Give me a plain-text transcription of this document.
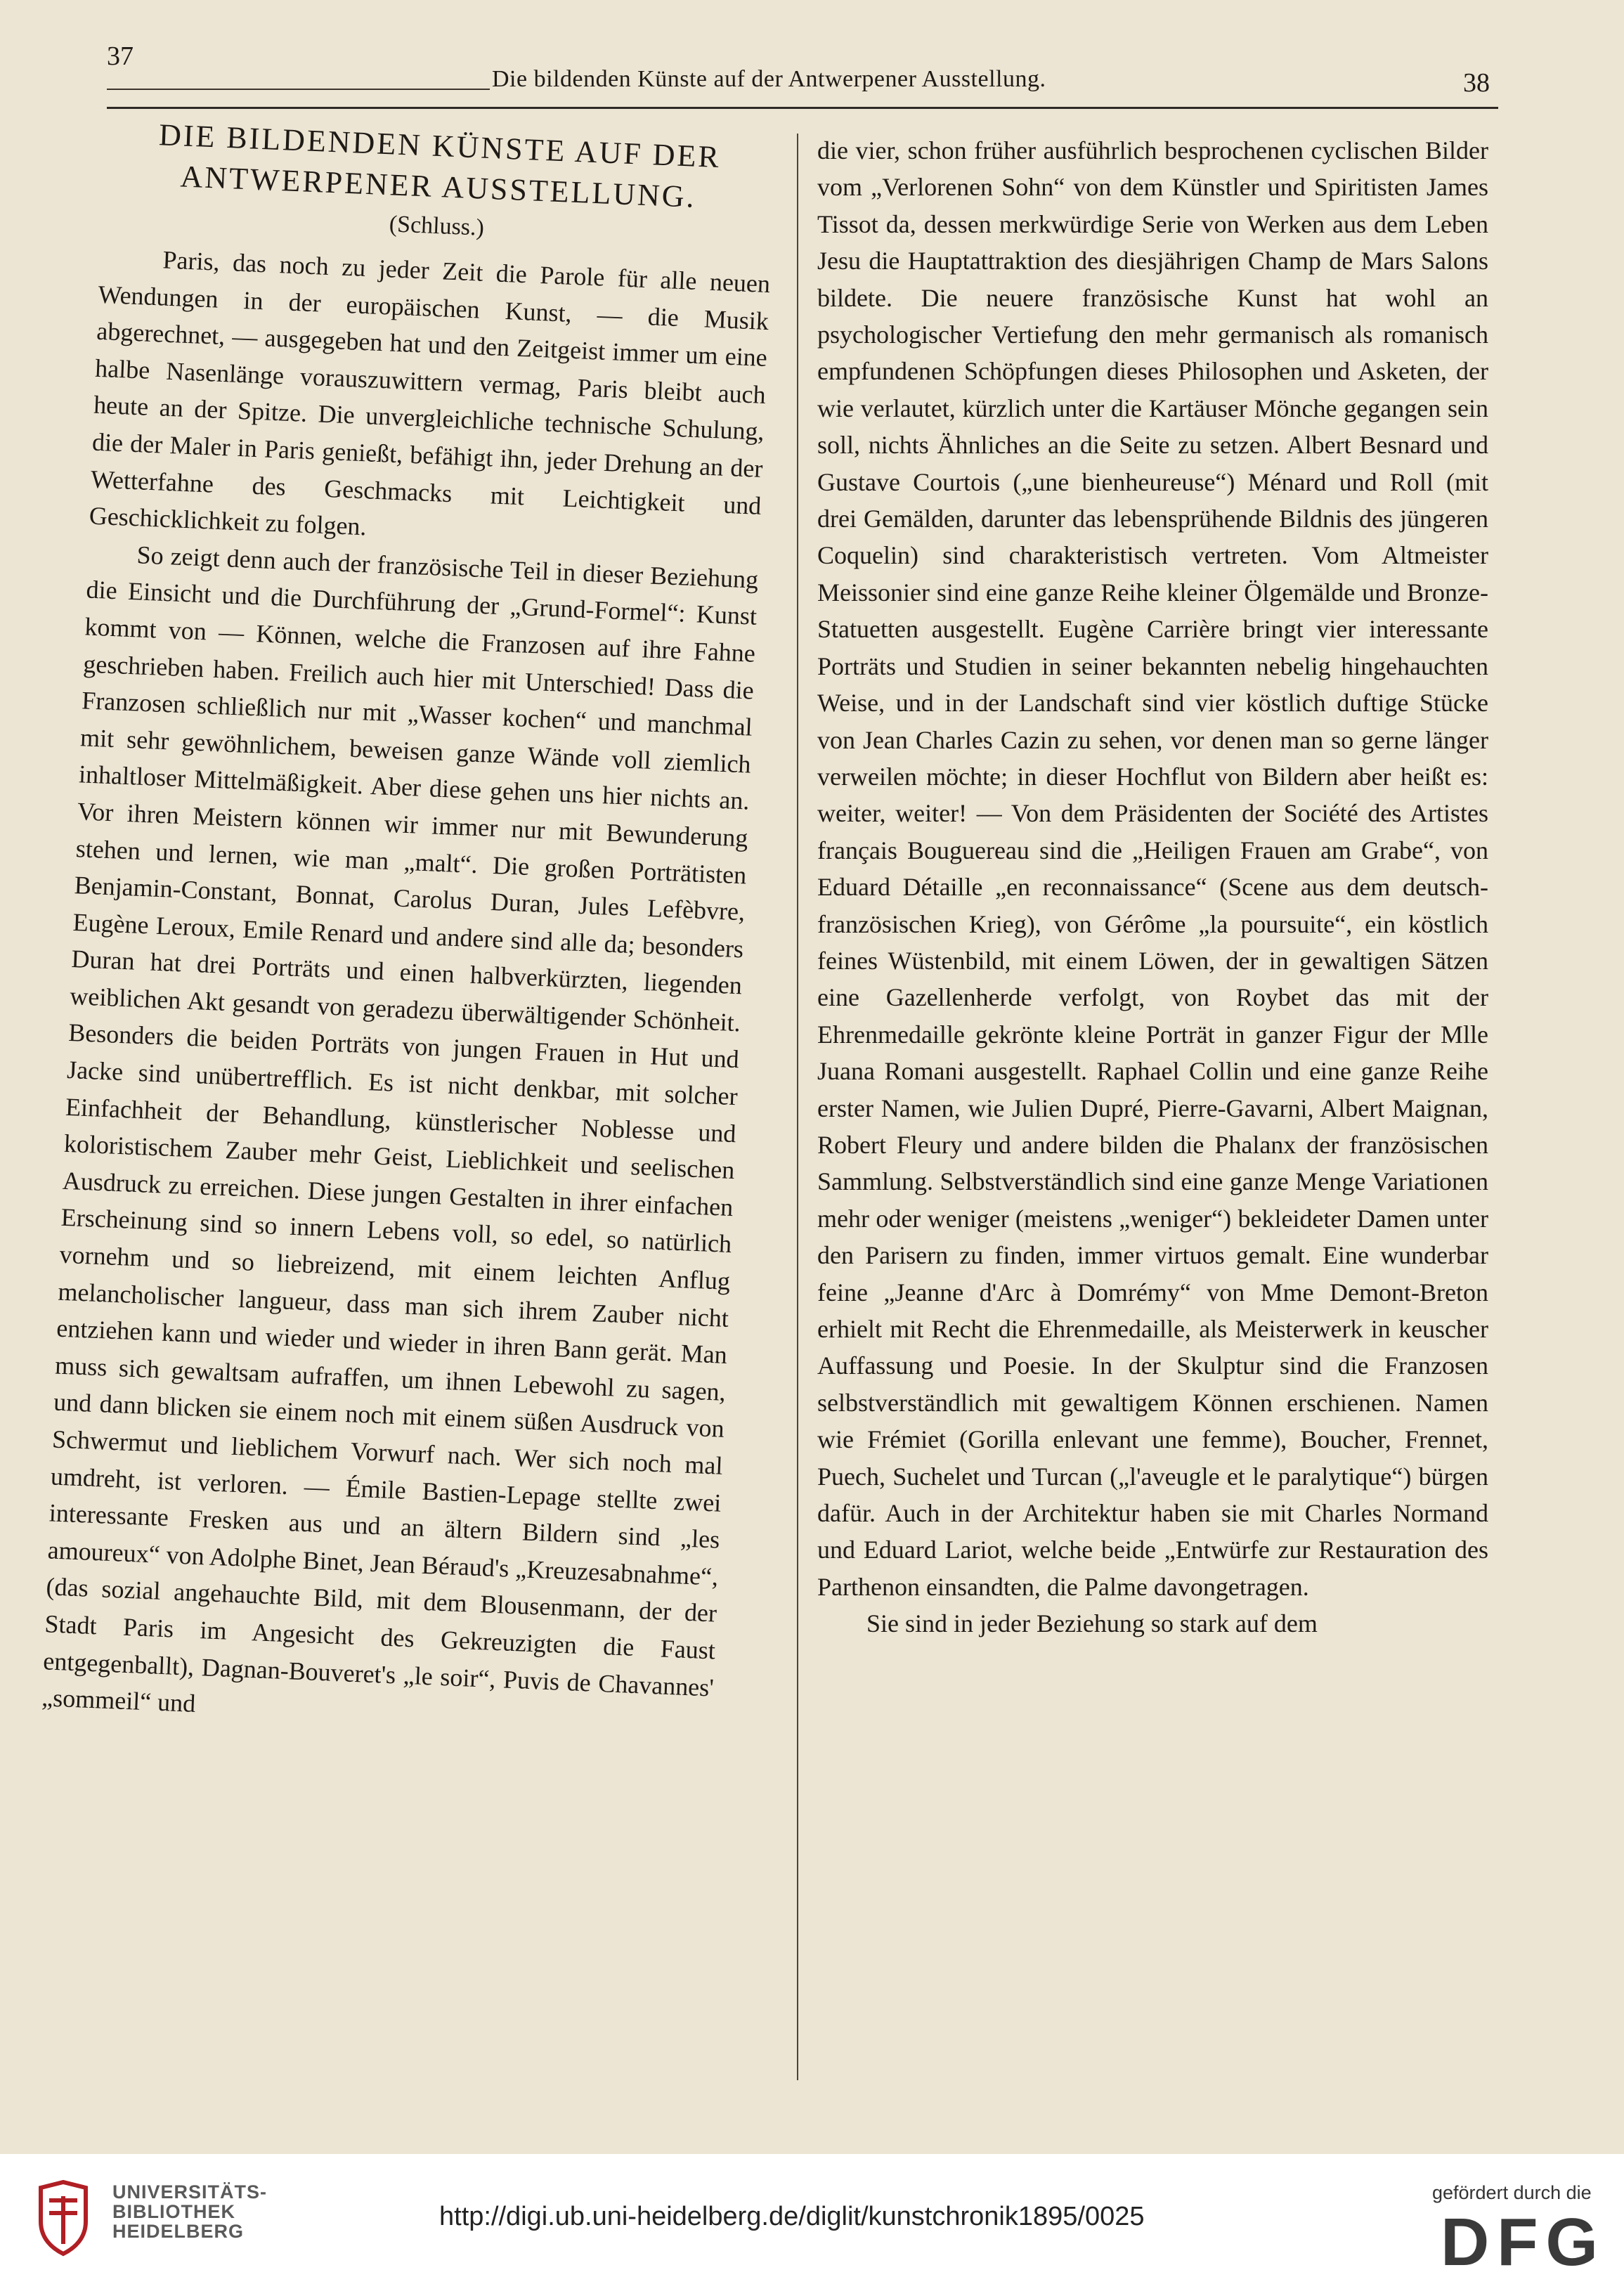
37
Die bildenden Künste auf der Antwerpener Ausstellung.	38
DIE BILDENDEN KÜNSTE AUF DER
ANTWERPENER AUSSTELLUNG.
(Schluss.)

Paris, das noch zu jeder Zeit die Parole für alle neuen Wendungen in der europäischen Kunst, — die Musik abgerechnet, — ausgegeben hat und den Zeitgeist immer um eine halbe Nasenlänge vorauszuwittern vermag, Paris bleibt auch heute an der Spitze. Die unvergleichliche technische Schulung, die der Maler in Paris genießt, befähigt ihn, jeder Drehung an der Wetterfahne des Geschmacks mit Leichtigkeit und Geschicklichkeit zu folgen.

So zeigt denn auch der französische Teil in dieser Beziehung die Einsicht und die Durchführung der „Grund-Formel“: Kunst kommt von — Können, welche die Franzosen auf ihre Fahne geschrieben haben. Freilich auch hier mit Unterschied! Dass die Franzosen schließlich nur mit „Wasser kochen“ und manchmal mit sehr gewöhnlichem, beweisen ganze Wände voll ziemlich inhaltloser Mittelmäßigkeit. Aber diese gehen uns hier nichts an. Vor ihren Meistern können wir immer nur mit Bewunderung stehen und lernen, wie man „malt“. Die großen Porträtisten Benjamin-Constant, Bonnat, Carolus Duran, Jules Lefèbvre, Eugène Leroux, Emile Renard und andere sind alle da; besonders Duran hat drei Porträts und einen halbverkürzten, liegenden weiblichen Akt gesandt von geradezu überwältigender Schönheit. Besonders die beiden Porträts von jungen Frauen in Hut und Jacke sind unübertrefflich. Es ist nicht denkbar, mit solcher Einfachheit der Behandlung, künstlerischer Noblesse und koloristischem Zauber mehr Geist, Lieblichkeit und seelischen Ausdruck zu erreichen. Diese jungen Gestalten in ihrer einfachen Erscheinung sind so innern Lebens voll, so edel, so natürlich vornehm und so liebreizend, mit einem leichten Anflug melancholischer langueur, dass man sich ihrem Zauber nicht entziehen kann und wieder und wieder in ihren Bann gerät. Man muss sich gewaltsam aufraffen, um ihnen Lebewohl zu sagen, und dann blicken sie einem noch mit einem süßen Ausdruck von Schwermut und lieblichem Vorwurf nach. Wer sich noch mal umdreht, ist verloren. — Émile Bastien-Lepage stellte zwei interessante Fresken aus und an ältern Bildern sind „les amoureux“ von Adolphe Binet, Jean Béraud's „Kreuzesabnahme“, (das sozial angehauchte Bild, mit dem Blousenmann, der der Stadt Paris im Angesicht des Gekreuzigten die Faust entgegenballt), Dagnan-Bouveret's „le soir“, Puvis de Chavannes' „sommeil“ und

die vier, schon früher ausführlich besprochenen cyclischen Bilder vom „Verlorenen Sohn“ von dem Künstler und Spiritisten James Tissot da, dessen merkwürdige Serie von Werken aus dem Leben Jesu die Hauptattraktion des diesjährigen Champ de Mars Salons bildete. Die neuere französische Kunst hat wohl an psychologischer Vertiefung den mehr germanisch als romanisch empfundenen Schöpfungen dieses Philosophen und Asketen, der wie verlautet, kürzlich unter die Kartäuser Mönche gegangen sein soll, nichts Ähnliches an die Seite zu setzen. Albert Besnard und Gustave Courtois („une bienheureuse“) Ménard und Roll (mit drei Gemälden, darunter das lebensprühende Bildnis des jüngeren Coquelin) sind charakteristisch vertreten. Vom Altmeister Meissonier sind eine ganze Reihe kleiner Ölgemälde und Bronze-Statuetten ausgestellt. Eugène Carrière bringt vier interessante Porträts und Studien in seiner bekannten nebelig hingehauchten Weise, und in der Landschaft sind vier köstlich duftige Stücke von Jean Charles Cazin zu sehen, vor denen man so gerne länger verweilen möchte; in dieser Hochflut von Bildern aber heißt es: weiter, weiter! — Von dem Präsidenten der Société des Artistes français Bouguereau sind die „Heiligen Frauen am Grabe“, von Eduard Détaille „en reconnaissance“ (Scene aus dem deutsch-französischen Krieg), von Gérôme „la poursuite“, ein köstlich feines Wüstenbild, mit einem Löwen, der in gewaltigen Sätzen eine Gazellenherde verfolgt, von Roybet das mit der Ehrenmedaille gekrönte kleine Porträt in ganzer Figur der Mlle Juana Romani ausgestellt. Raphael Collin und eine ganze Reihe erster Namen, wie Julien Dupré, Pierre-Gavarni, Albert Maignan, Robert Fleury und andere bilden die Phalanx der französischen Sammlung. Selbstverständlich sind eine ganze Menge Variationen mehr oder weniger (meistens „weniger“) bekleideter Damen unter den Parisern zu finden, immer virtuos gemalt. Eine wunderbar feine „Jeanne d'Arc à Domrémy“ von Mme Demont-Breton erhielt mit Recht die Ehrenmedaille, als Meisterwerk in keuscher Auffassung und Poesie. In der Skulptur sind die Franzosen selbstverständlich mit gewaltigem Können erschienen. Namen wie Frémiet (Gorilla enlevant une femme), Boucher, Frennet, Puech, Suchelet und Turcan („l'aveugle et le paralytique“) bürgen dafür. Auch in der Architektur haben sie mit Charles Normand und Eduard Lariot, welche beide „Entwürfe zur Restauration des Parthenon einsandten, die Palme davongetragen.

Sie sind in jeder Beziehung so stark auf dem

UNIVERSITÄTS-
BIBLIOTHEK
HEIDELBERG	http://digi.ub.uni-heidelberg.de/diglit/kunstchronik1895/0025
gefördert durch die
DFG
